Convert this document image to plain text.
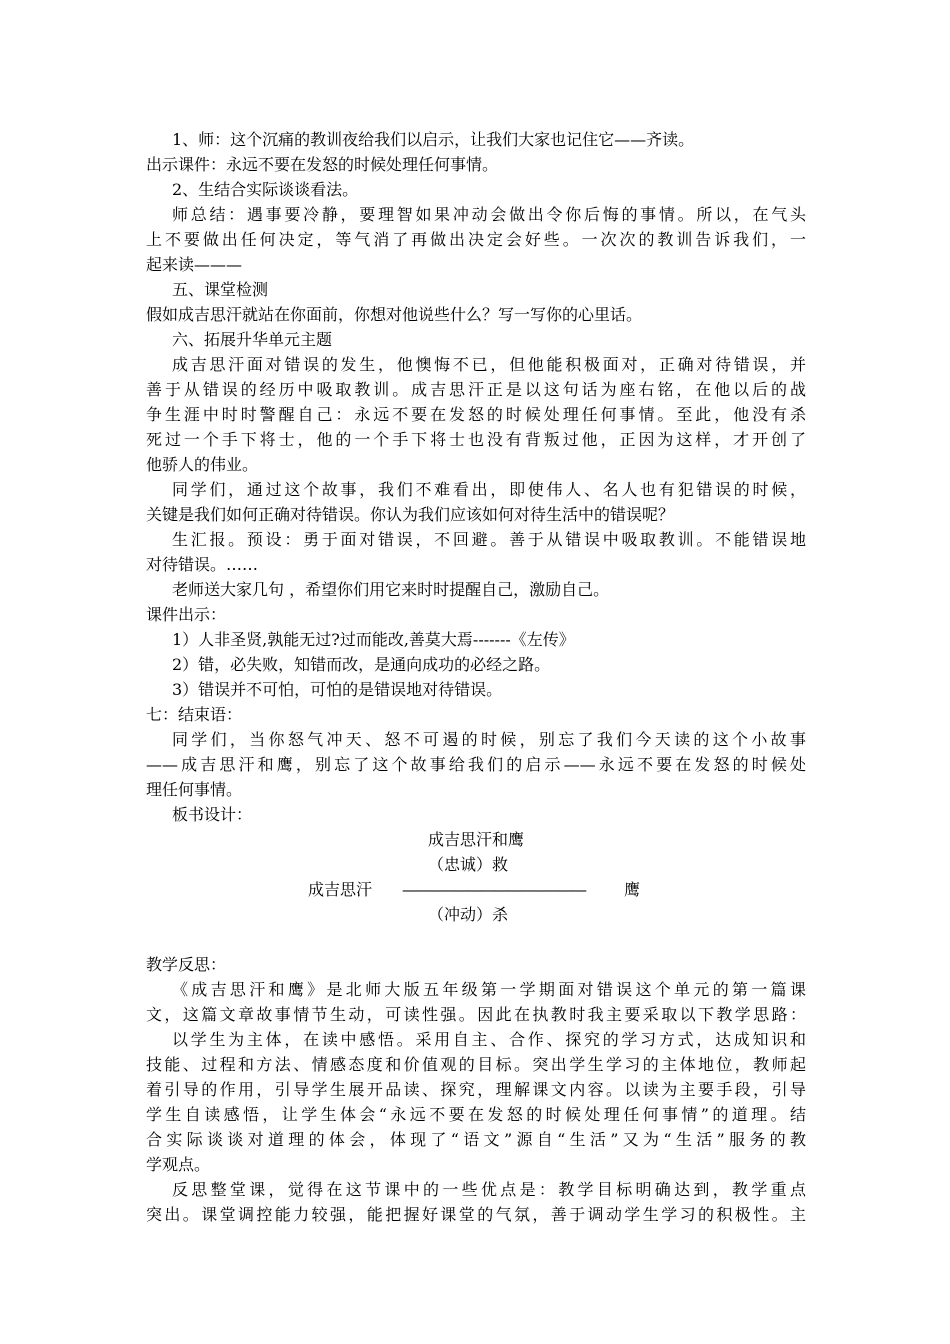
1、师：这个沉痛的教训夜给我们以启示，让我们大家也记住它——齐读。
出示课件：永远不要在发怒的时候处理任何事情。
2、生结合实际谈谈看法。
师总结：遇事要冷静，要理智如果冲动会做出令你后悔的事情。所以，在气头
上不要做出任何决定，等气消了再做出决定会好些。一次次的教训告诉我们，一
起来读———
五、课堂检测
假如成吉思汗就站在你面前，你想对他说些什么？写一写你的心里话。
六、拓展升华单元主题
成吉思汗面对错误的发生，他懊悔不已，但他能积极面对，正确对待错误，并
善于从错误的经历中吸取教训。成吉思汗正是以这句话为座右铭，在他以后的战
争生涯中时时警醒自己：永远不要在发怒的时候处理任何事情。至此，他没有杀
死过一个手下将士，他的一个手下将士也没有背叛过他，正因为这样，才开创了
他骄人的伟业。
同学们，通过这个故事，我们不难看出，即使伟人、名人也有犯错误的时候，
关键是我们如何正确对待错误。你认为我们应该如何对待生活中的错误呢？
生汇报。预设：勇于面对错误，不回避。善于从错误中吸取教训。不能错误地
对待错误。……
老师送大家几句 ，希望你们用它来时时提醒自己，激励自己。
课件出示：
1）人非圣贤,孰能无过?过而能改,善莫大焉-------《左传》
2）错，必失败，知错而改，是通向成功的必经之路。
3）错误并不可怕，可怕的是错误地对待错误。
七：结束语：
同学们，当你怒气冲天、怒不可遏的时候，别忘了我们今天读的这个小故事
——成吉思汗和鹰，别忘了这个故事给我们的启示——永远不要在发怒的时候处
理任何事情。
板书设计：
成吉思汗和鹰
（忠诚）救
成吉思汗 ——————————————	鹰
（冲动）杀
教学反思：
《成吉思汗和鹰》是北师大版五年级第一学期面对错误这个单元的第一篇课
文，这篇文章故事情节生动，可读性强。因此在执教时我主要采取以下教学思路：
以学生为主体，在读中感悟。采用自主、合作、探究的学习方式，达成知识和
技能、过程和方法、情感态度和价值观的目标。突出学生学习的主体地位，教师起
着引导的作用，引导学生展开品读、探究，理解课文内容。以读为主要手段，引导
学生自读感悟，让学生体会“永远不要在发怒的时候处理任何事情”的道理。结
合实际谈谈对道理的体会，体现了“语文”源自“生活”又为“生活”服务的教
学观点。
反思整堂课，觉得在这节课中的一些优点是：教学目标明确达到，教学重点
突出。课堂调控能力较强，能把握好课堂的气氛，善于调动学生学习的积极性。主
